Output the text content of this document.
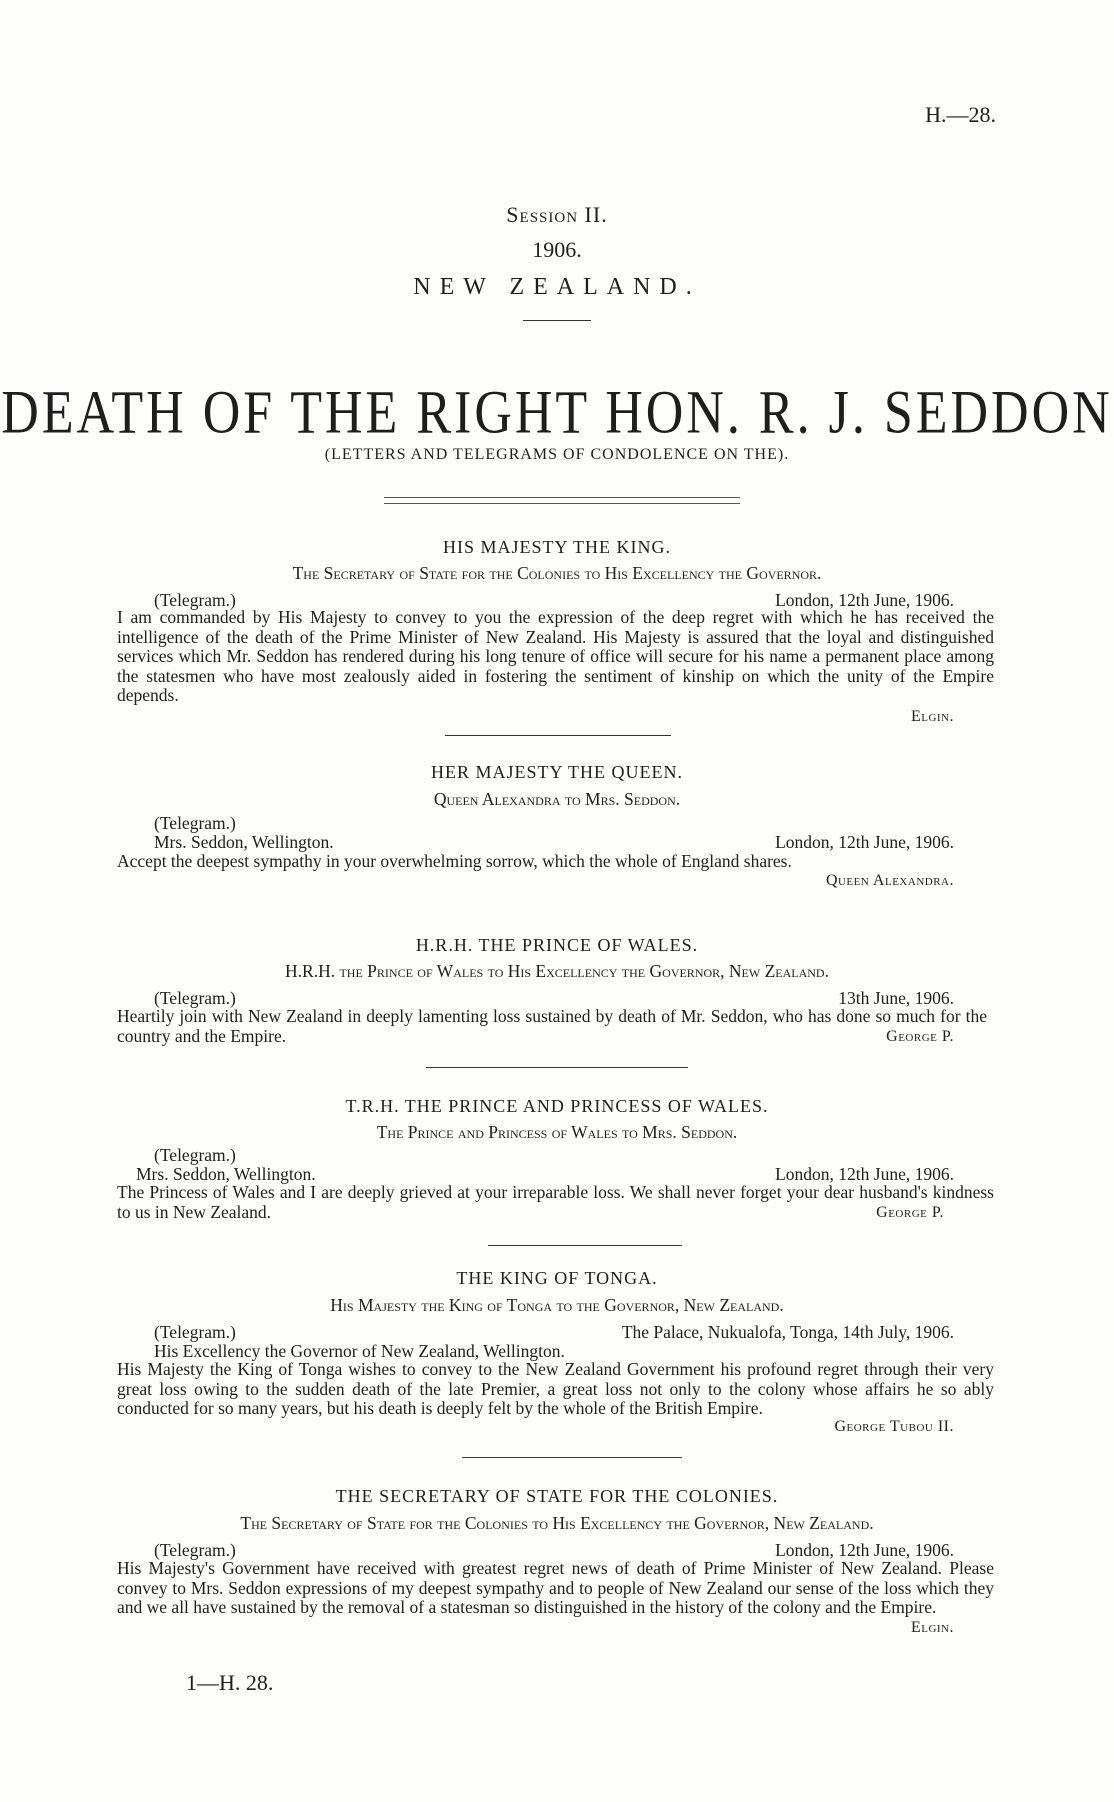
H.—28.
Session II.
1906.
NEW ZEALAND.
DEATH OF THE RIGHT HON. R. J. SEDDON
(LETTERS AND TELEGRAMS OF CONDOLENCE ON THE).
HIS MAJESTY THE KING.
The Secretary of State for the Colonies to His Excellency the Governor.
(Telegram.)	London, 12th June, 1906.
I am commanded by His Majesty to convey to you the expression of the deep regret with which he has received the intelligence of the death of the Prime Minister of New Zealand. His Majesty is assured that the loyal and distinguished services which Mr. Seddon has rendered during his long tenure of office will secure for his name a permanent place among the statesmen who have most zealously aided in fostering the sentiment of kinship on which the unity of the Empire depends.
Elgin.
HER MAJESTY THE QUEEN.
Queen Alexandra to Mrs. Seddon.
(Telegram.)
Mrs. Seddon, Wellington.	London, 12th June, 1906.
Accept the deepest sympathy in your overwhelming sorrow, which the whole of England shares.
Queen Alexandra.
H.R.H. THE PRINCE OF WALES.
H.R.H. the Prince of Wales to His Excellency the Governor, New Zealand.
(Telegram.)	13th June, 1906.
Heartily join with New Zealand in deeply lamenting loss sustained by death of Mr. Seddon, who has done so much for the country and the Empire.	George P.
T.R.H. THE PRINCE AND PRINCESS OF WALES.
The Prince and Princess of Wales to Mrs. Seddon.
(Telegram.)
Mrs. Seddon, Wellington.	London, 12th June, 1906.
The Princess of Wales and I are deeply grieved at your irreparable loss. We shall never forget your dear husband's kindness to us in New Zealand.	George P.
THE KING OF TONGA.
His Majesty the King of Tonga to the Governor, New Zealand.
(Telegram.)	The Palace, Nukualofa, Tonga, 14th July, 1906.
His Excellency the Governor of New Zealand, Wellington.
His Majesty the King of Tonga wishes to convey to the New Zealand Government his profound regret through their very great loss owing to the sudden death of the late Premier, a great loss not only to the colony whose affairs he so ably conducted for so many years, but his death is deeply felt by the whole of the British Empire.
George Tubou II.
THE SECRETARY OF STATE FOR THE COLONIES.
The Secretary of State for the Colonies to His Excellency the Governor, New Zealand.
(Telegram.)	London, 12th June, 1906.
His Majesty's Government have received with greatest regret news of death of Prime Minister of New Zealand. Please convey to Mrs. Seddon expressions of my deepest sympathy and to people of New Zealand our sense of the loss which they and we all have sustained by the removal of a statesman so distinguished in the history of the colony and the Empire.
Elgin.
1—H. 28.
